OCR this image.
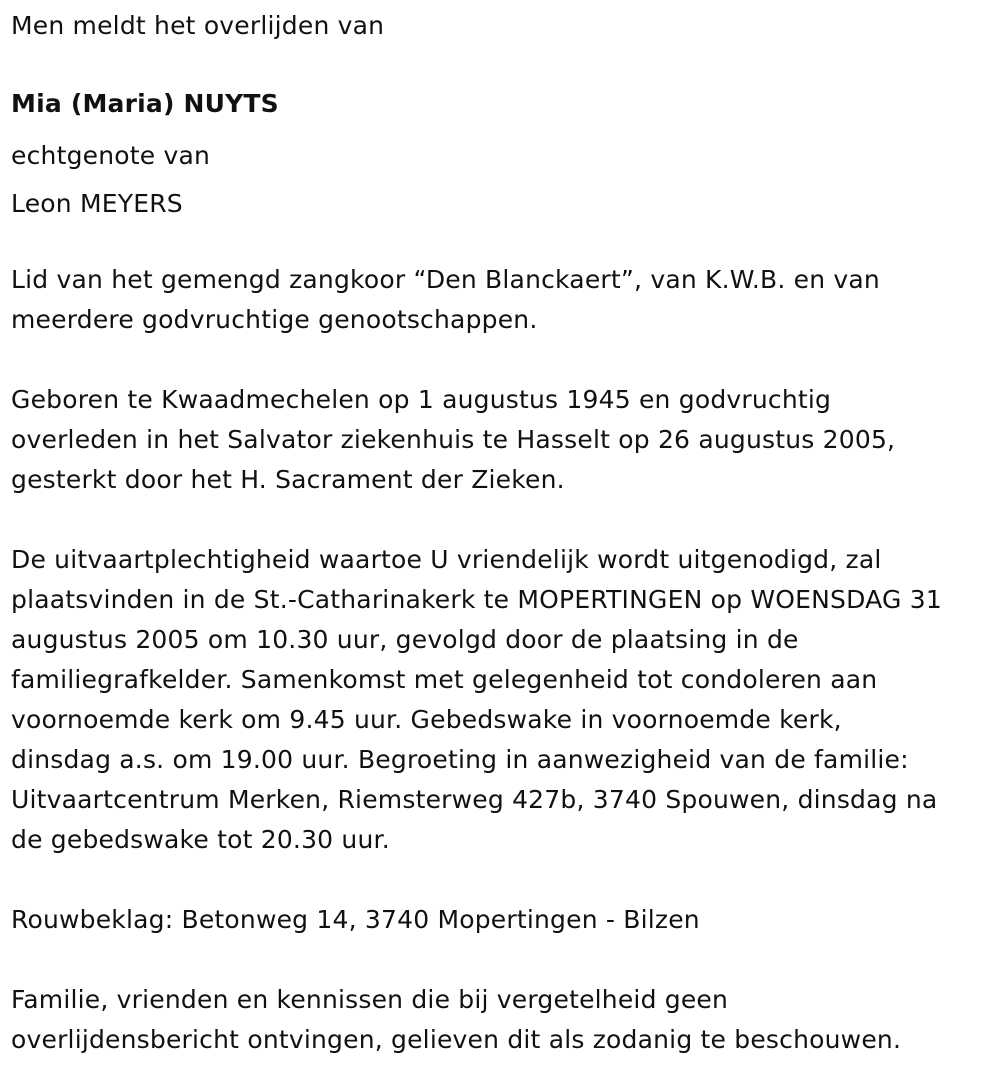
Men meldt het overlijden van

Mia (Maria) NUYTS

echtgenote van

Leon MEYERS

Lid van het gemengd zangkoor “Den Blanckaert”, van K.W.B. en van

meerdere godvruchtige genootschappen.

Geboren te Kwaadmechelen op 1 augustus 1945 en godvruchtig

overleden in het Salvator ziekenhuis te Hasselt op 26 augustus 2005,

gesterkt door het H. Sacrament der Zieken.

De uitvaartplechtigheid waartoe U vriendelijk wordt uitgenodigd, zal

plaatsvinden in de St.-Catharinakerk te MOPERTINGEN op WOENSDAG 31

augustus 2005 om 10.30 uur, gevolgd door de plaatsing in de

familiegrafkelder. Samenkomst met gelegenheid tot condoleren aan

voornoemde kerk om 9.45 uur. Gebedswake in voornoemde kerk,

dinsdag a.s. om 19.00 uur. Begroeting in aanwezigheid van de familie:

Uitvaartcentrum Merken, Riemsterweg 427b, 3740 Spouwen, dinsdag na

de gebedswake tot 20.30 uur.

Rouwbeklag: Betonweg 14, 3740 Mopertingen - Bilzen

Familie, vrienden en kennissen die bij vergetelheid geen

overlijdensbericht ontvingen, gelieven dit als zodanig te beschouwen.
